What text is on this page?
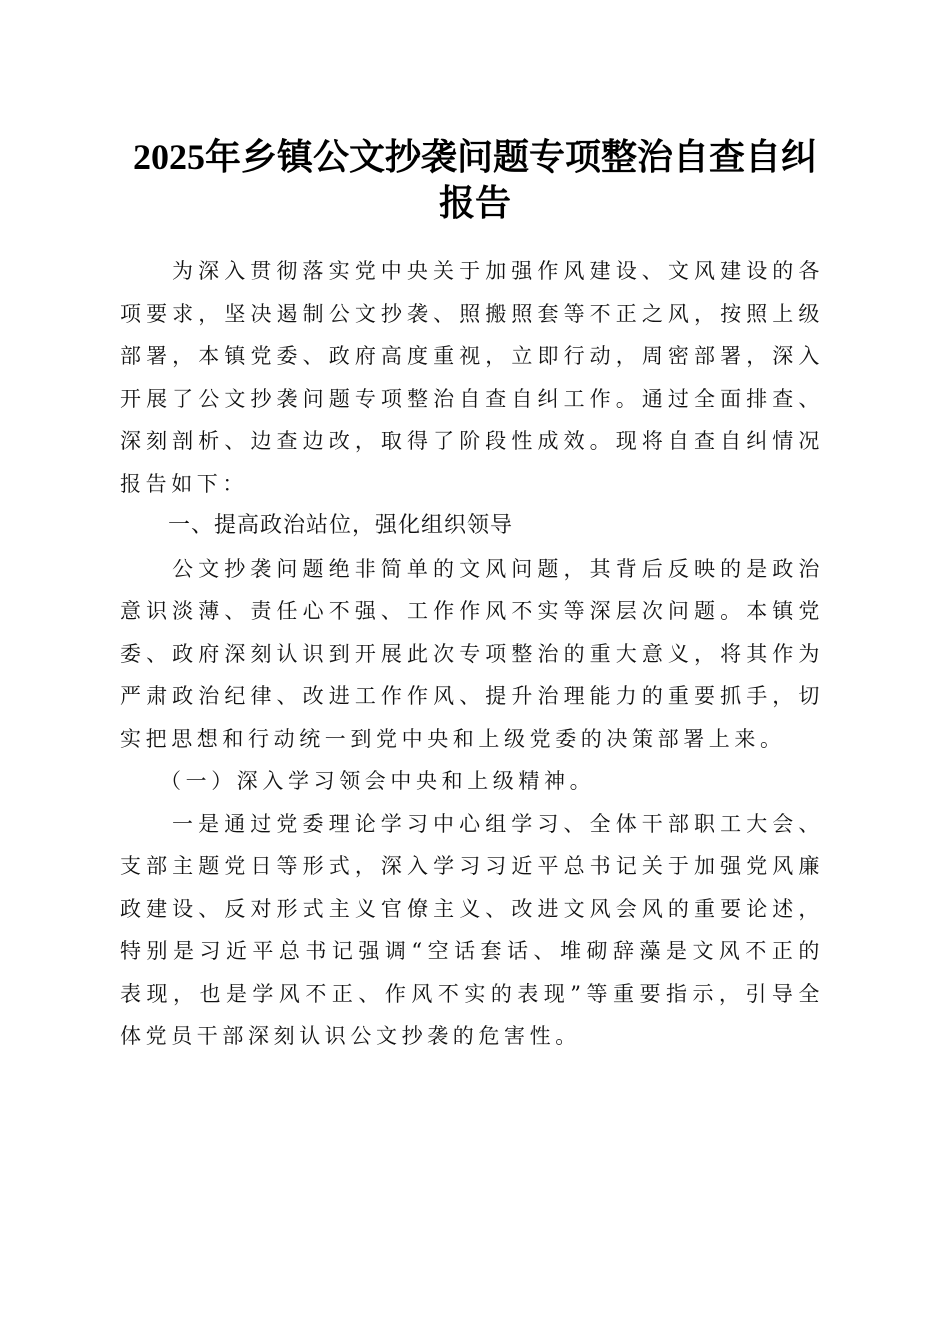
2025年乡镇公文抄袭问题专项整治自查自纠
报告

为深入贯彻落实党中央关于加强作风建设、文风建设的各项要求，坚决遏制公文抄袭、照搬照套等不正之风，按照上级部署，本镇党委、政府高度重视，立即行动，周密部署，深入开展了公文抄袭问题专项整治自查自纠工作。通过全面排查、深刻剖析、边查边改，取得了阶段性成效。现将自查自纠情况报告如下：

一、提高政治站位，强化组织领导

公文抄袭问题绝非简单的文风问题，其背后反映的是政治意识淡薄、责任心不强、工作作风不实等深层次问题。本镇党委、政府深刻认识到开展此次专项整治的重大意义，将其作为严肃政治纪律、改进工作作风、提升治理能力的重要抓手，切实把思想和行动统一到党中央和上级党委的决策部署上来。

（一）深入学习领会中央和上级精神。

一是通过党委理论学习中心组学习、全体干部职工大会、支部主题党日等形式，深入学习习近平总书记关于加强党风廉政建设、反对形式主义官僚主义、改进文风会风的重要论述，特别是习近平总书记强调“空话套话、堆砌辞藻是文风不正的表现，也是学风不正、作风不实的表现”等重要指示，引导全体党员干部深刻认识公文抄袭的危害性。
